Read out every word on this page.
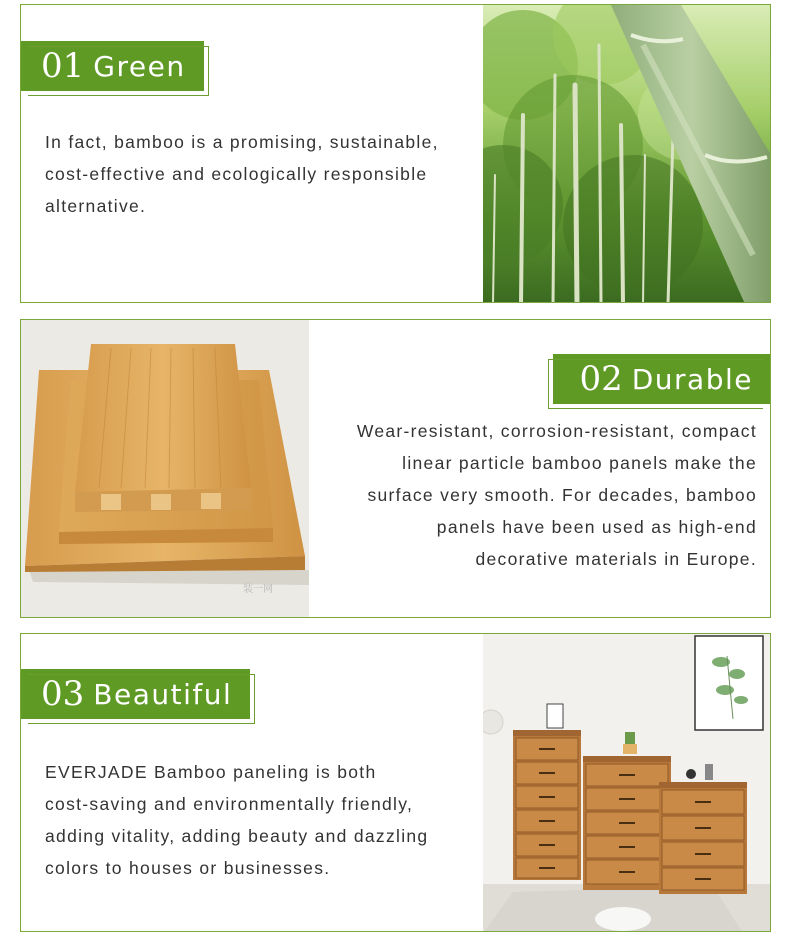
01 Green
In fact, bamboo is a promising, sustainable,
cost-effective and ecologically responsible
alternative.
装一网
02 Durable
Wear-resistant, corrosion-resistant, compact
linear particle bamboo panels make the
surface very smooth. For decades, bamboo
panels have been used as high-end
decorative materials in Europe.
03 Beautiful
EVERJADE Bamboo paneling is both
cost-saving and environmentally friendly,
adding vitality, adding beauty and dazzling
colors to houses or businesses.
